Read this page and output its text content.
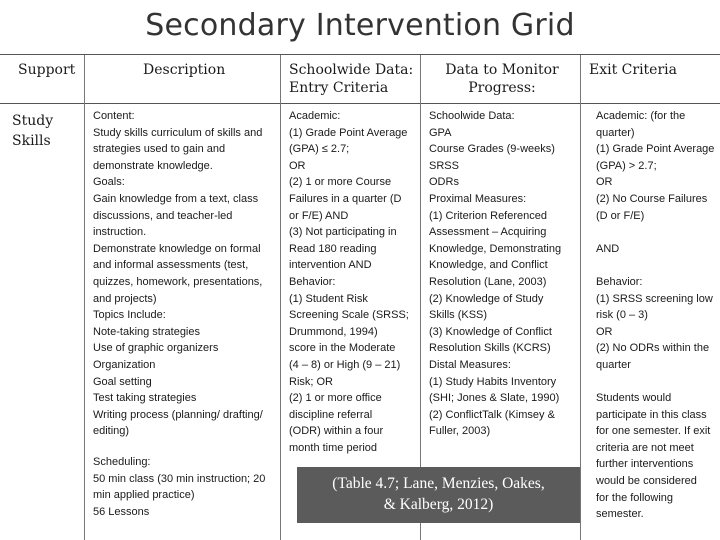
Secondary Intervention Grid
Support	Description	Schoolwide Data: Entry Criteria
Data to Monitor Progress:
Exit Criteria
Study
Skills
Content:
Study skills curriculum of skills and
strategies used to gain and
demonstrate knowledge.
Goals:
Gain knowledge from a text, class
discussions, and teacher-led
instruction.
Demonstrate knowledge on formal
and informal assessments (test,
quizzes, homework, presentations,
and projects)
Topics Include:
Note-taking strategies
Use of graphic organizers
Organization
Goal setting
Test taking strategies
Writing process (planning/ drafting/
editing)
Scheduling:
50 min class (30 min instruction; 20
min applied practice)
56 Lessons
Academic:
(1) Grade Point Average
(GPA) ≤ 2.7;
OR
(2) 1 or more Course
Failures in a quarter (D
or F/E) AND
(3) Not participating in
Read 180 reading
intervention AND
Behavior:
(1) Student Risk
Screening Scale (SRSS;
Drummond, 1994)
score in the Moderate
(4 – 8) or High (9 – 21)
Risk; OR
(2) 1 or more office
discipline referral
(ODR) within a four
month time period
Schoolwide Data:
GPA
Course Grades (9-weeks)
SRSS
ODRs
Proximal Measures:
(1) Criterion Referenced
Assessment – Acquiring
Knowledge, Demonstrating
Knowledge, and Conflict
Resolution (Lane, 2003)
(2) Knowledge of Study
Skills (KSS)
(3) Knowledge of Conflict
Resolution Skills (KCRS)
Distal Measures:
(1) Study Habits Inventory
(SHI; Jones & Slate, 1990)
(2) ConflictTalk (Kimsey &
Fuller, 2003)
Academic: (for the
quarter)
(1) Grade Point Average
(GPA) > 2.7;
OR
(2) No Course Failures
(D or F/E)

AND

Behavior:
(1) SRSS screening low
risk (0 – 3)
OR
(2) No ODRs within the
quarter

Students would
participate in this class
for one semester. If exit
criteria are not meet
further interventions
would be considered
for the following
semester.
(Table 4.7; Lane, Menzies, Oakes,
& Kalberg, 2012)
